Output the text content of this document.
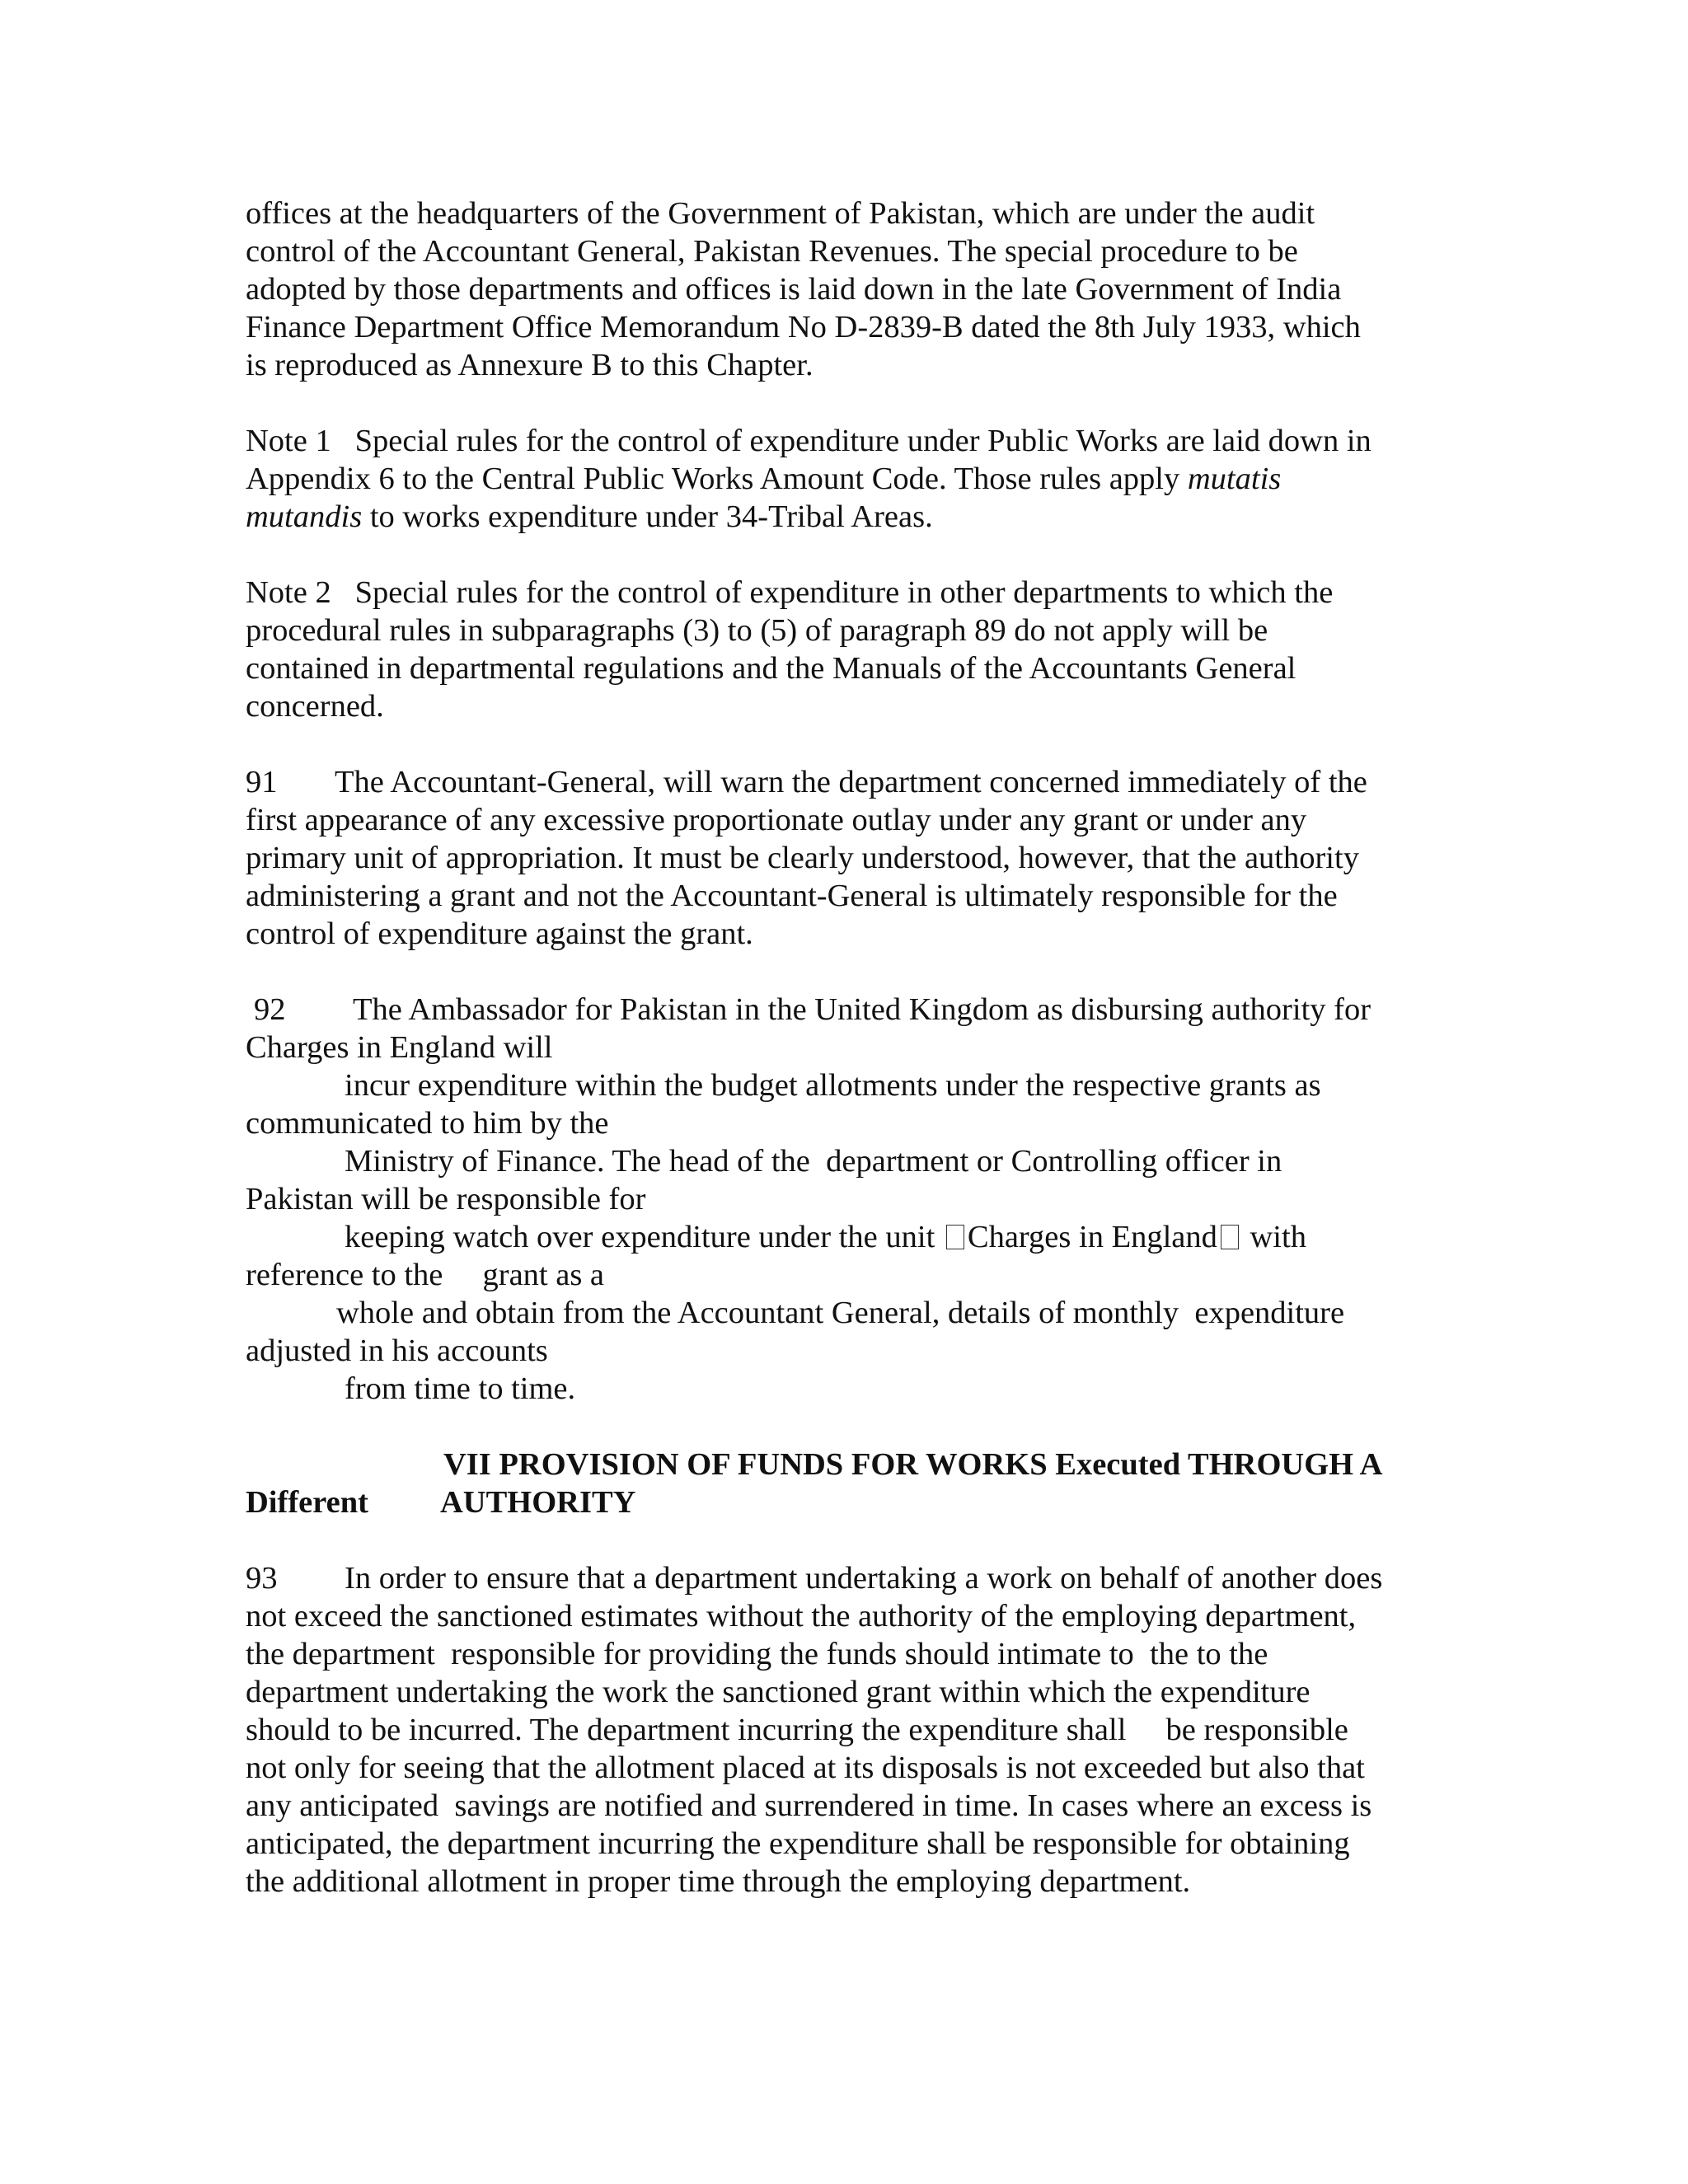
offices at the headquarters of the Government of Pakistan, which are under the audit
control of the Accountant General, Pakistan Revenues. The special procedure to be
adopted by those departments and offices is laid down in the late Government of India
Finance Department Office Memorandum No D-2839-B dated the 8th July 1933, which
is reproduced as Annexure B to this Chapter.
Note 1   Special rules for the control of expenditure under Public Works are laid down in
Appendix 6 to the Central Public Works Amount Code. Those rules apply mutatis
mutandis to works expenditure under 34-Tribal Areas.
Note 2   Special rules for the control of expenditure in other departments to which the
procedural rules in subparagraphs (3) to (5) of paragraph 89 do not apply will be
contained in departmental regulations and the Manuals of the Accountants General
concerned.
91 The Accountant-General, will warn the department concerned immediately of the
first appearance of any excessive proportionate outlay under any grant or under any
primary unit of appropriation. It must be clearly understood, however, that the authority
administering a grant and not the Accountant-General is ultimately responsible for the
control of expenditure against the grant.
92 The Ambassador for Pakistan in the United Kingdom as disbursing authority for
Charges in England will
incur expenditure within the budget allotments under the respective grants as
communicated to him by the
Ministry of Finance. The head of the  department or Controlling officer in
Pakistan will be responsible for
keeping watch over expenditure under the unit Charges in England with
reference to the     grant as a
whole and obtain from the Accountant General, details of monthly  expenditure
adjusted in his accounts
from time to time.
VII PROVISION OF FUNDS FOR WORKS Executed THROUGH A
Different AUTHORITY
93 In order to ensure that a department undertaking a work on behalf of another does
not exceed the sanctioned estimates without the authority of the employing department,
the department  responsible for providing the funds should intimate to  the to the
department undertaking the work the sanctioned grant within which the expenditure
should to be incurred. The department incurring the expenditure shall     be responsible
not only for seeing that the allotment placed at its disposals is not exceeded but also that
any anticipated  savings are notified and surrendered in time. In cases where an excess is
anticipated, the department incurring the expenditure shall be responsible for obtaining
the additional allotment in proper time through the employing department.
